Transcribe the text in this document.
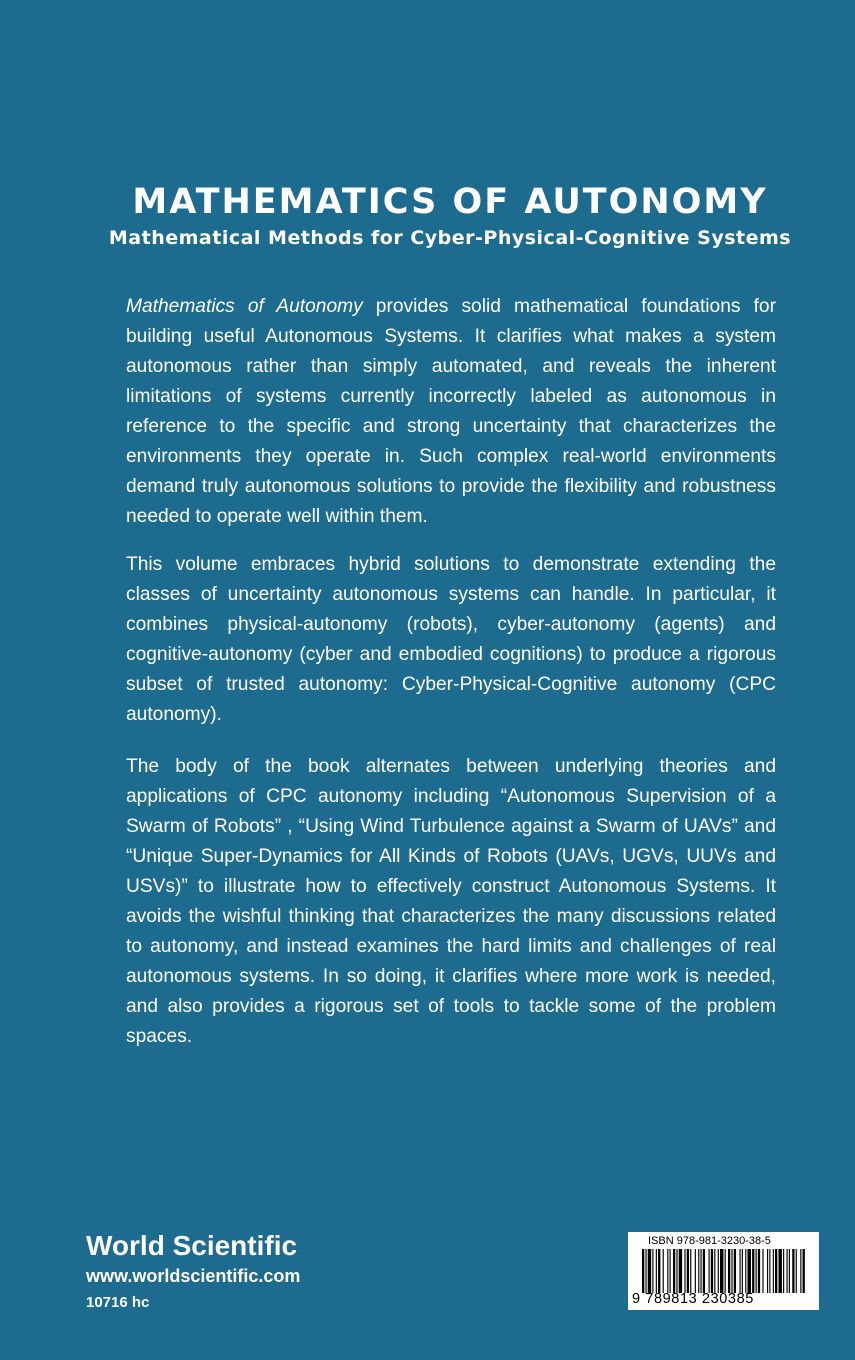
MATHEMATICS OF AUTONOMY
Mathematical Methods for Cyber-Physical-Cognitive Systems

Mathematics of Autonomy provides solid mathematical foundations for building useful Autonomous Systems. It clarifies what makes a system autonomous rather than simply automated, and reveals the inherent limitations of systems currently incorrectly labeled as autonomous in reference to the specific and strong uncertainty that characterizes the environments they operate in. Such complex real-world environments demand truly autonomous solutions to provide the flexibility and robustness needed to operate well within them.

This volume embraces hybrid solutions to demonstrate extending the classes of uncertainty autonomous systems can handle. In particular, it combines physical-autonomy (robots), cyber-autonomy (agents) and cognitive-autonomy (cyber and embodied cognitions) to produce a rigorous subset of trusted autonomy: Cyber-Physical-Cognitive autonomy (CPC autonomy).

The body of the book alternates between underlying theories and applications of CPC autonomy including “Autonomous Supervision of a Swarm of Robots” , “Using Wind Turbulence against a Swarm of UAVs” and “Unique Super-Dynamics for All Kinds of Robots (UAVs, UGVs, UUVs and USVs)” to illustrate how to effectively construct Autonomous Systems. It avoids the wishful thinking that characterizes the many discussions related to autonomy, and instead examines the hard limits and challenges of real autonomous systems. In so doing, it clarifies where more work is needed, and also provides a rigorous set of tools to tackle some of the problem spaces.

World Scientific
www.worldscientific.com
10716 hc
ISBN 978-981-3230-38-5
9 789813 230385
